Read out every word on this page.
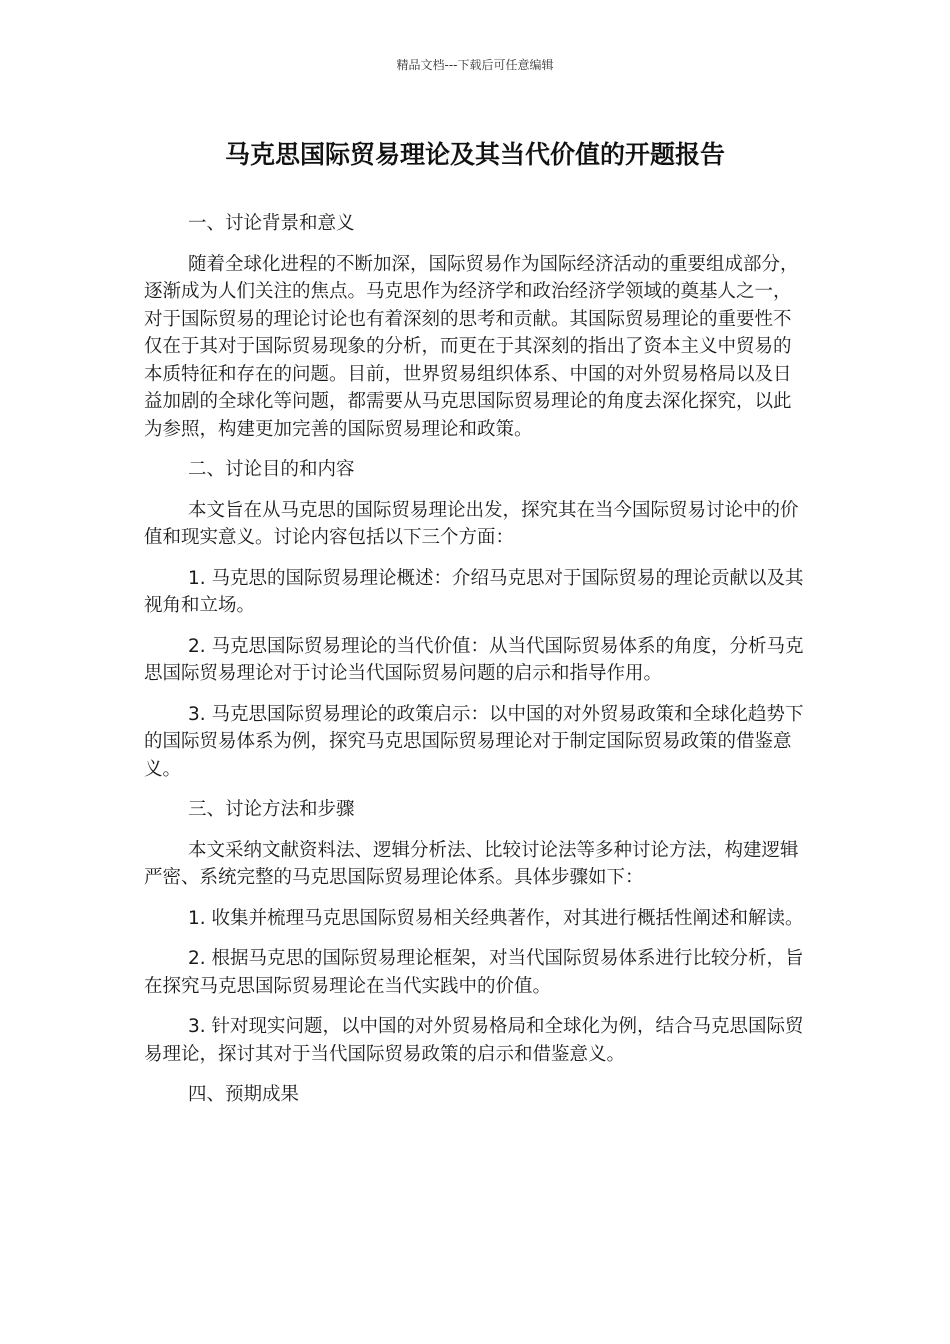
精品文档---下载后可任意编辑
马克思国际贸易理论及其当代价值的开题报告

一、讨论背景和意义

随着全球化进程的不断加深，国际贸易作为国际经济活动的重要组成部分，逐渐成为人们关注的焦点。马克思作为经济学和政治经济学领域的奠基人之一，对于国际贸易的理论讨论也有着深刻的思考和贡献。其国际贸易理论的重要性不仅在于其对于国际贸易现象的分析，而更在于其深刻的指出了资本主义中贸易的本质特征和存在的问题。目前，世界贸易组织体系、中国的对外贸易格局以及日益加剧的全球化等问题，都需要从马克思国际贸易理论的角度去深化探究，以此为参照，构建更加完善的国际贸易理论和政策。

二、讨论目的和内容

本文旨在从马克思的国际贸易理论出发，探究其在当今国际贸易讨论中的价值和现实意义。讨论内容包括以下三个方面：

1. 马克思的国际贸易理论概述：介绍马克思对于国际贸易的理论贡献以及其视角和立场。

2. 马克思国际贸易理论的当代价值：从当代国际贸易体系的角度，分析马克思国际贸易理论对于讨论当代国际贸易问题的启示和指导作用。

3. 马克思国际贸易理论的政策启示：以中国的对外贸易政策和全球化趋势下的国际贸易体系为例，探究马克思国际贸易理论对于制定国际贸易政策的借鉴意义。

三、讨论方法和步骤

本文采纳文献资料法、逻辑分析法、比较讨论法等多种讨论方法，构建逻辑严密、系统完整的马克思国际贸易理论体系。具体步骤如下：

1. 收集并梳理马克思国际贸易相关经典著作，对其进行概括性阐述和解读。

2. 根据马克思的国际贸易理论框架，对当代国际贸易体系进行比较分析，旨在探究马克思国际贸易理论在当代实践中的价值。

3. 针对现实问题，以中国的对外贸易格局和全球化为例，结合马克思国际贸易理论，探讨其对于当代国际贸易政策的启示和借鉴意义。

四、预期成果
